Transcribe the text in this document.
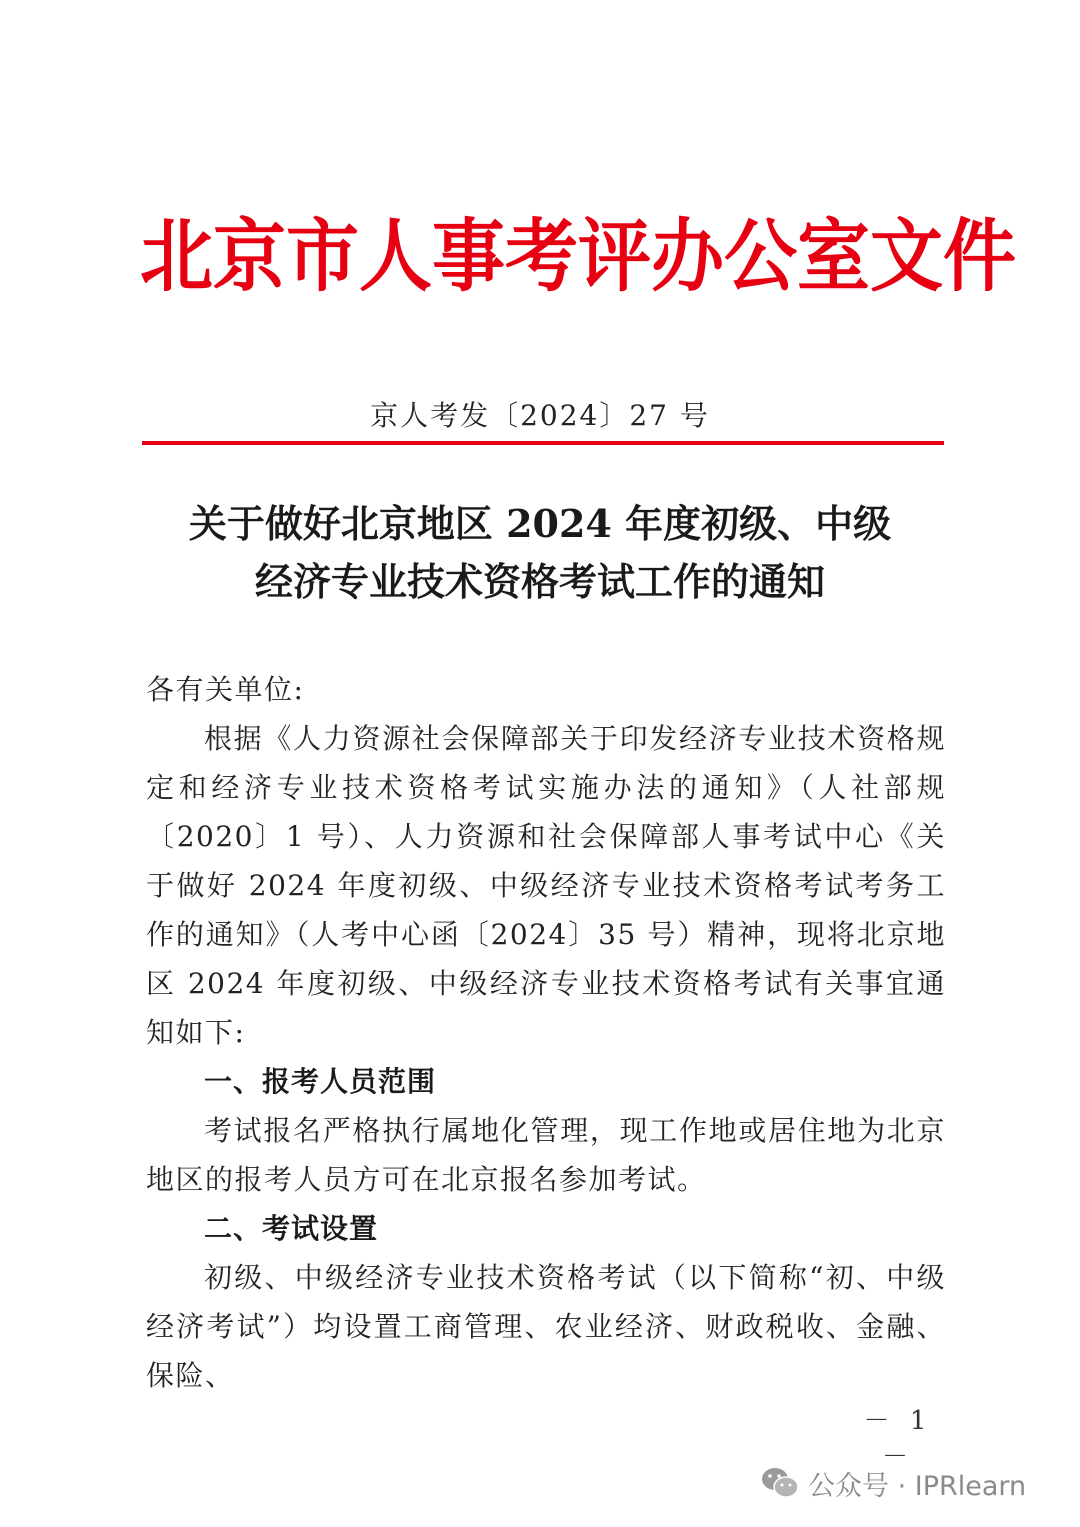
北京市人事考评办公室文件
京人考发〔2024〕27 号
关于做好北京地区 2024 年度初级、中级
经济专业技术资格考试工作的通知

各有关单位:

根据《人力资源社会保障部关于印发经济专业技术资格规定和经济专业技术资格考试实施办法的通知》（人社部规〔2020〕1 号）、人力资源和社会保障部人事考试中心《关于做好 2024 年度初级、中级经济专业技术资格考试考务工作的通知》（人考中心函〔2024〕35 号）精神，现将北京地区 2024 年度初级、中级经济专业技术资格考试有关事宜通知如下:

一、报考人员范围

考试报名严格执行属地化管理，现工作地或居住地为北京地区的报考人员方可在北京报名参加考试。

二、考试设置

初级、中级经济专业技术资格考试（以下简称“初、中级经济考试”）均设置工商管理、农业经济、财政税收、金融、保险、

－ 1 －
公众号 · IPRlearn
